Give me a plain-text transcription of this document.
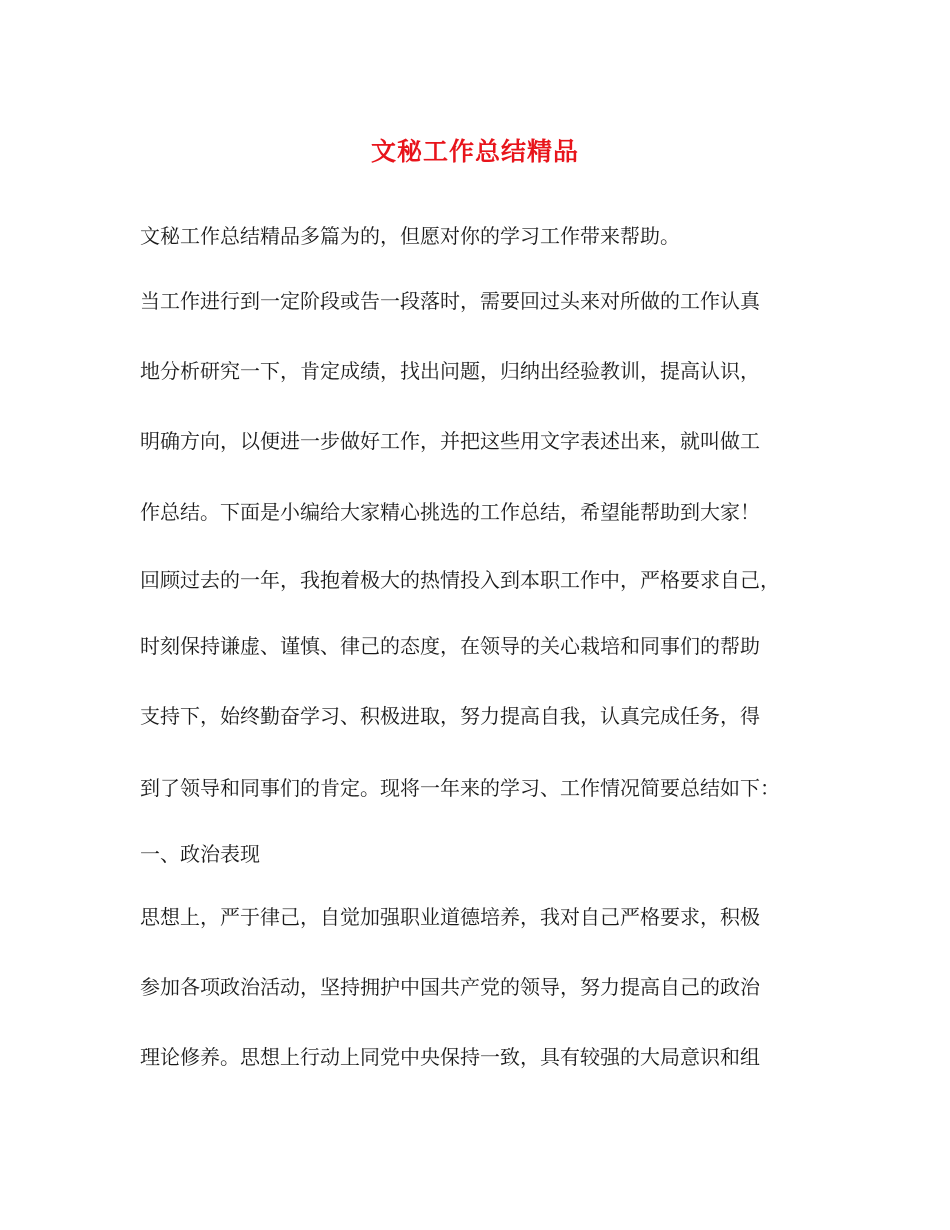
文秘工作总结精品
文秘工作总结精品多篇为的，但愿对你的学习工作带来帮助。
当工作进行到一定阶段或告一段落时，需要回过头来对所做的工作认真
地分析研究一下，肯定成绩，找出问题，归纳出经验教训，提高认识，
明确方向，以便进一步做好工作，并把这些用文字表述出来，就叫做工
作总结。下面是小编给大家精心挑选的工作总结，希望能帮助到大家！
回顾过去的一年，我抱着极大的热情投入到本职工作中，严格要求自己，
时刻保持谦虚、谨慎、律己的态度，在领导的关心栽培和同事们的帮助
支持下，始终勤奋学习、积极进取，努力提高自我，认真完成任务，得
到了领导和同事们的肯定。现将一年来的学习、工作情况简要总结如下：
一、政治表现
思想上，严于律己，自觉加强职业道德培养，我对自己严格要求，积极
参加各项政治活动，坚持拥护中国共产党的领导，努力提高自己的政治
理论修养。思想上行动上同党中央保持一致，具有较强的大局意识和组
